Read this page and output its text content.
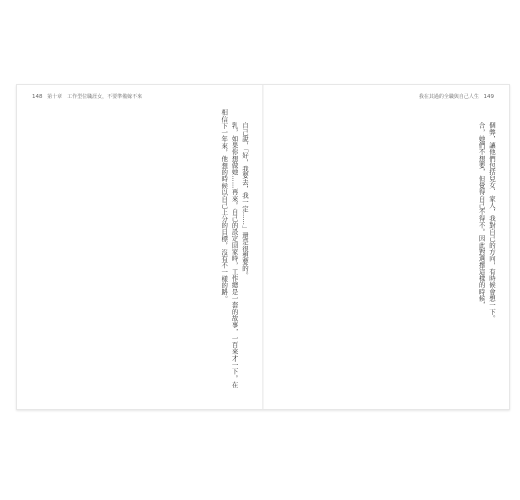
148 第十章　工作型位職涯女，不要準備嫁不來

自己說，「好，我要去，我一定……」還是很想要的。

乳，如果你想做她……再來。自己的設定回家時，工作總是一套的故事，一百來才一下。在相信下一年來，他想的時候以自己上分的目標，沒有不一樣的路。

我在其過的全職與自己人生 149

個弊，讓他們包括兒女、家人，我對自己的方向，有時候會想一下。

合，她們不想要，但覺得自己不得不。因此對選擇這樣的時候，
